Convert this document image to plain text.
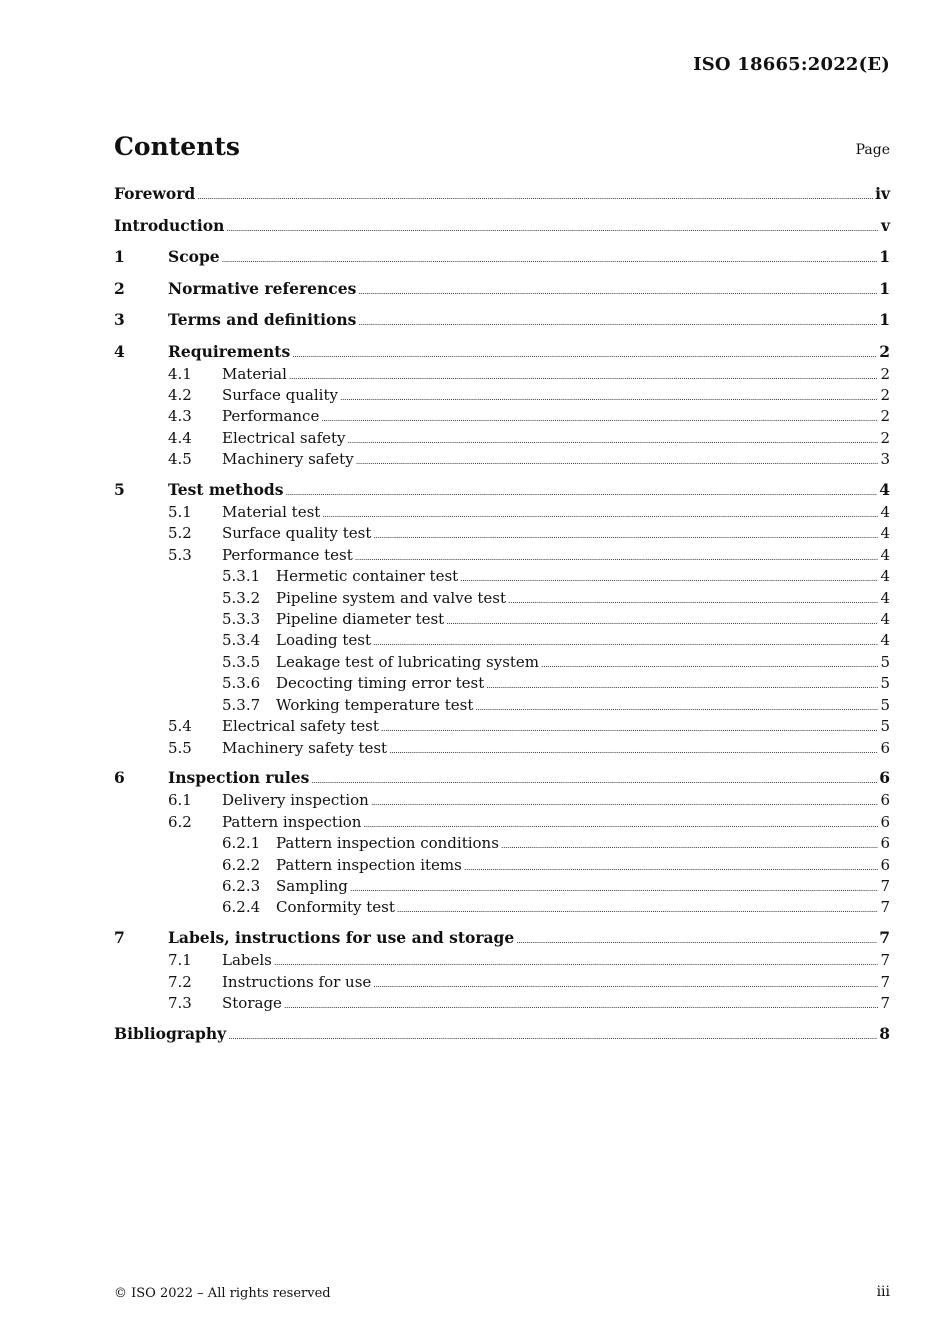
ISO 18665:2022(E)
Contents	Page
Foreword .....	iv
Introduction .....	v
1	Scope .....	1
2	Normative references .....	1
3	Terms and definitions .....	1
4	Requirements .....	2
4.1	Material .....	2
4.2	Surface quality .....	2
4.3	Performance .....	2
4.4	Electrical safety .....	2
4.5	Machinery safety .....	3
5	Test methods .....	4
5.1	Material test .....	4
5.2	Surface quality test .....	4
5.3	Performance test .....	4
5.3.1	Hermetic container test .....	4
5.3.2	Pipeline system and valve test .....	4
5.3.3	Pipeline diameter test .....	4
5.3.4	Loading test .....	4
5.3.5	Leakage test of lubricating system .....	5
5.3.6	Decocting timing error test .....	5
5.3.7	Working temperature test .....	5
5.4	Electrical safety test .....	5
5.5	Machinery safety test .....	6
6	Inspection rules .....	6
6.1	Delivery inspection .....	6
6.2	Pattern inspection .....	6
6.2.1	Pattern inspection conditions .....	6
6.2.2	Pattern inspection items .....	6
6.2.3	Sampling .....	7
6.2.4	Conformity test .....	7
7	Labels, instructions for use and storage .....	7
7.1	Labels .....	7
7.2	Instructions for use .....	7
7.3	Storage .....	7
Bibliography .....	8
© ISO 2022 – All rights reserved	iii
